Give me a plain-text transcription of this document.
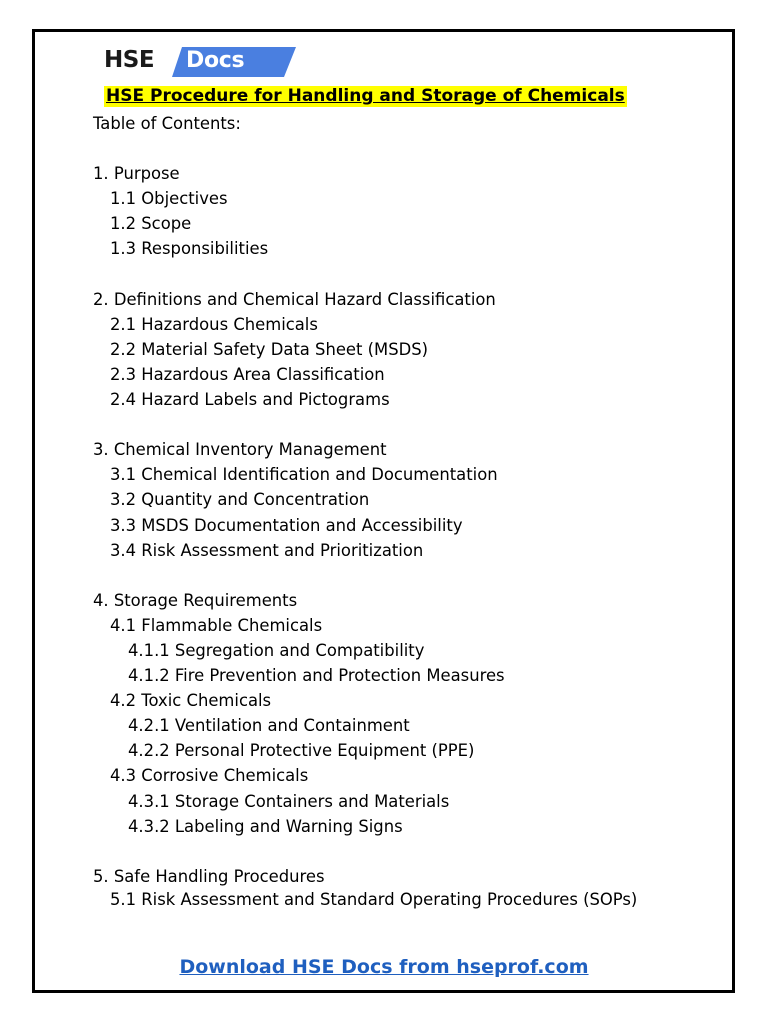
HSE Docs
HSE Procedure for Handling and Storage of Chemicals
Table of Contents:
1. Purpose
1.1 Objectives
1.2 Scope
1.3 Responsibilities
2. Definitions and Chemical Hazard Classification
2.1 Hazardous Chemicals
2.2 Material Safety Data Sheet (MSDS)
2.3 Hazardous Area Classification
2.4 Hazard Labels and Pictograms
3. Chemical Inventory Management
3.1 Chemical Identification and Documentation
3.2 Quantity and Concentration
3.3 MSDS Documentation and Accessibility
3.4 Risk Assessment and Prioritization
4. Storage Requirements
4.1 Flammable Chemicals
4.1.1 Segregation and Compatibility
4.1.2 Fire Prevention and Protection Measures
4.2 Toxic Chemicals
4.2.1 Ventilation and Containment
4.2.2 Personal Protective Equipment (PPE)
4.3 Corrosive Chemicals
4.3.1 Storage Containers and Materials
4.3.2 Labeling and Warning Signs
5. Safe Handling Procedures
5.1 Risk Assessment and Standard Operating Procedures (SOPs)
Download HSE Docs from hseprof.com
